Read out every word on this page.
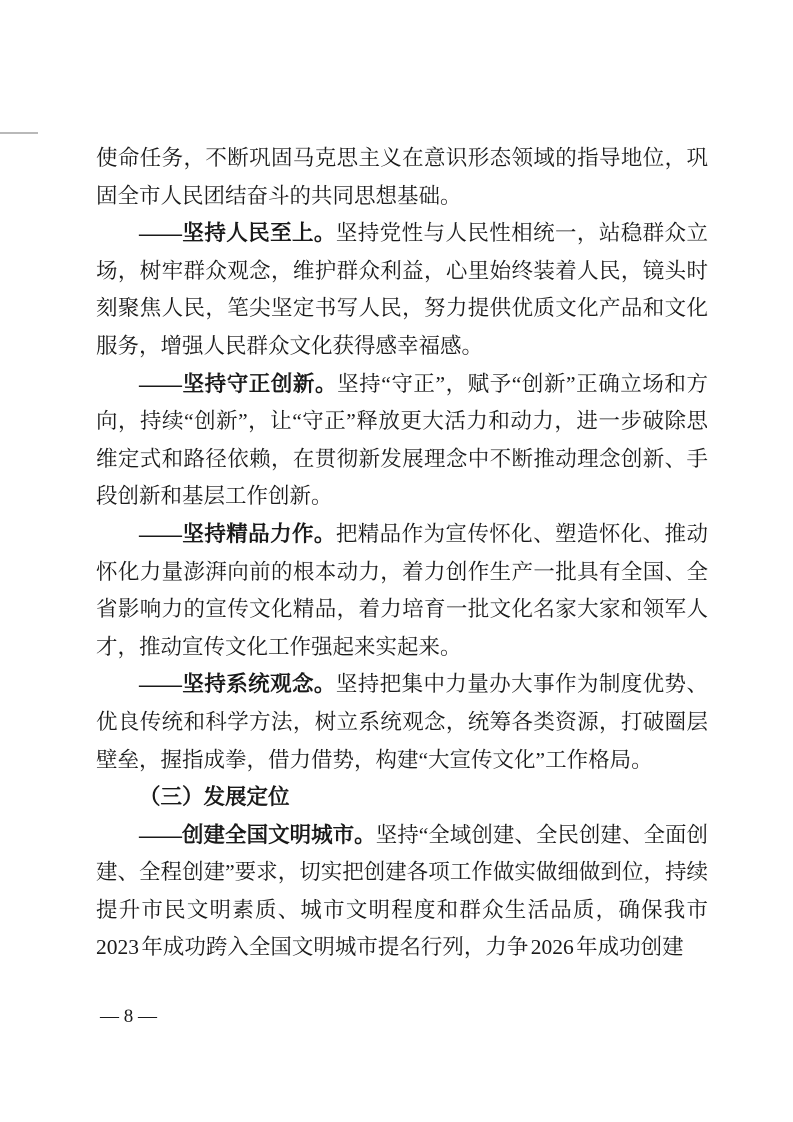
使命任务，不断巩固马克思主义在意识形态领域的指导地位，巩固全市人民团结奋斗的共同思想基础。

——坚持人民至上。坚持党性与人民性相统一，站稳群众立场，树牢群众观念，维护群众利益，心里始终装着人民，镜头时刻聚焦人民，笔尖坚定书写人民，努力提供优质文化产品和文化服务，增强人民群众文化获得感幸福感。

——坚持守正创新。坚持“守正”，赋予“创新”正确立场和方向，持续“创新”，让“守正”释放更大活力和动力，进一步破除思维定式和路径依赖，在贯彻新发展理念中不断推动理念创新、手段创新和基层工作创新。

——坚持精品力作。把精品作为宣传怀化、塑造怀化、推动怀化力量澎湃向前的根本动力，着力创作生产一批具有全国、全省影响力的宣传文化精品，着力培育一批文化名家大家和领军人才，推动宣传文化工作强起来实起来。

——坚持系统观念。坚持把集中力量办大事作为制度优势、优良传统和科学方法，树立系统观念，统筹各类资源，打破圈层壁垒，握指成拳，借力借势，构建“大宣传文化”工作格局。

（三）发展定位

——创建全国文明城市。坚持“全域创建、全民创建、全面创建、全程创建”要求，切实把创建各项工作做实做细做到位，持续提升市民文明素质、城市文明程度和群众生活品质，确保我市 2023 年成功跨入全国文明城市提名行列，力争 2026 年成功创建

— 8 —
